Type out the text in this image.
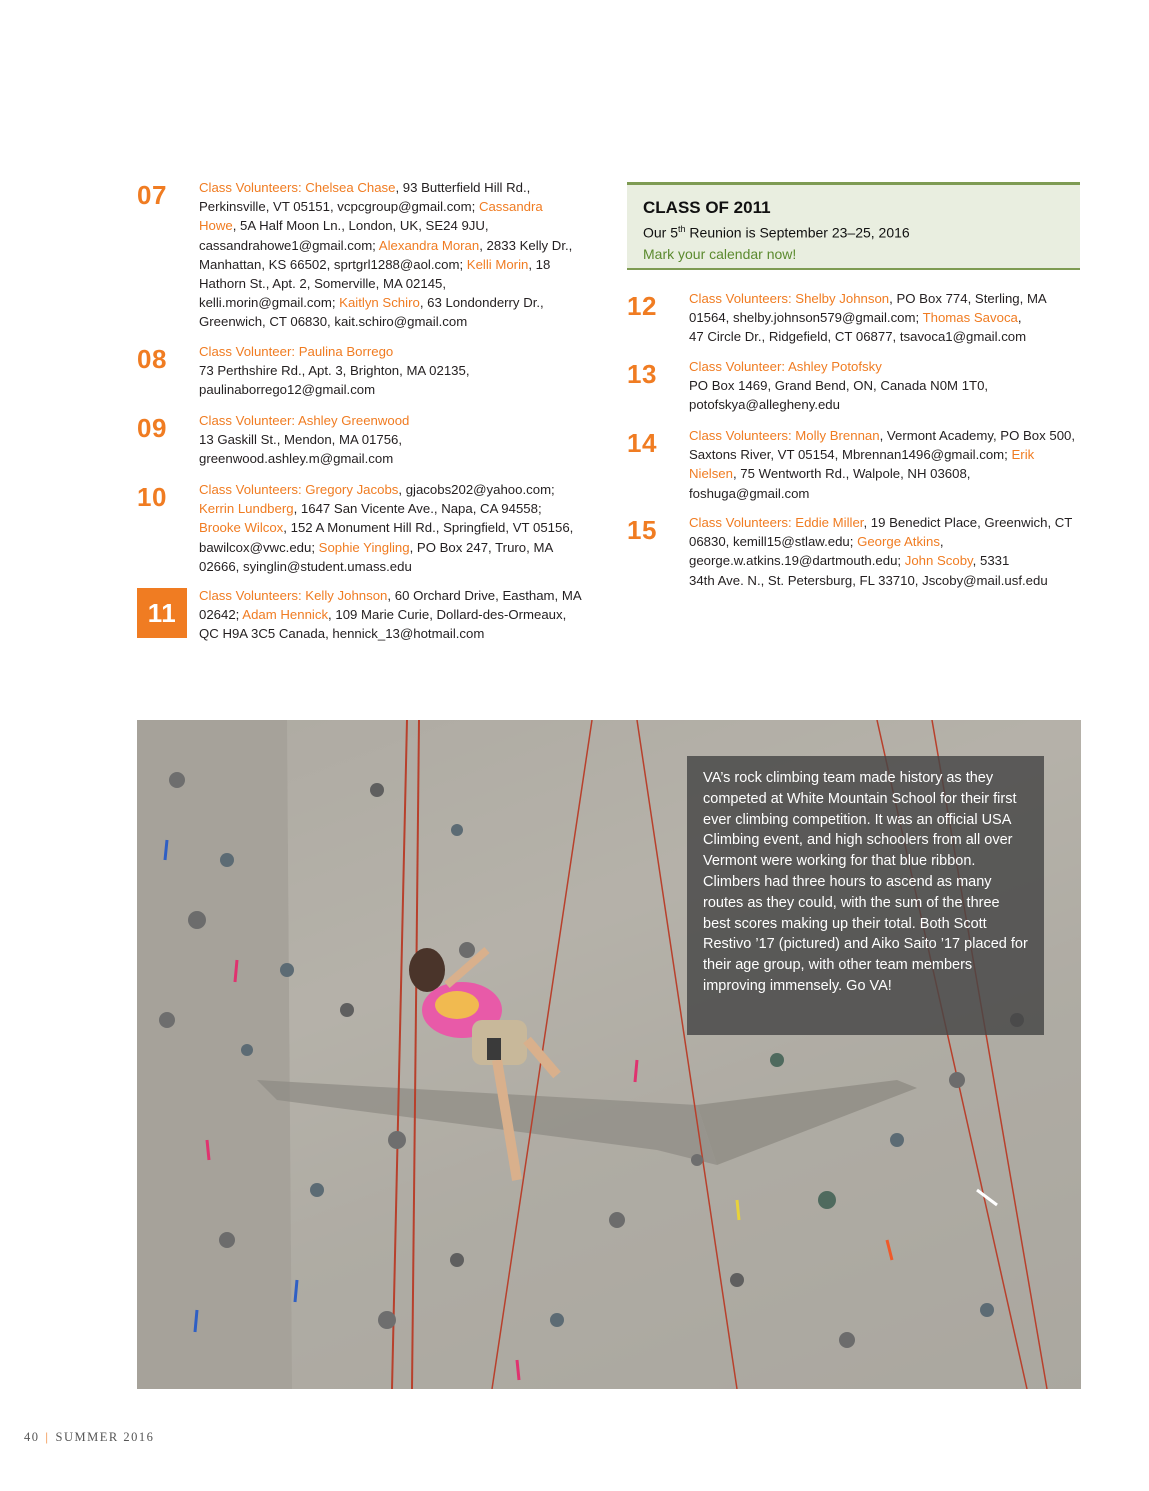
07	Class Volunteers: Chelsea Chase, 93 Butterfield Hill Rd., Perkinsville, VT 05151, vcpcgroup@gmail.com; Cassandra Howe, 5A Half Moon Ln., London, UK, SE24 9JU, cassandrahowe1@gmail.com; Alexandra Moran, 2833 Kelly Dr., Manhattan, KS 66502, sprtgrl1288@aol.com; Kelli Morin, 18 Hathorn St., Apt. 2, Somerville, MA 02145, kelli.morin@gmail.com; Kaitlyn Schiro, 63 Londonderry Dr., Greenwich, CT 06830, kait.schiro@gmail.com
08	Class Volunteer: Paulina Borrego
73 Perthshire Rd., Apt. 3, Brighton, MA 02135, paulinaborrego12@gmail.com
09	Class Volunteer: Ashley Greenwood
13 Gaskill St., Mendon, MA 01756, greenwood.ashley.m@gmail.com
10	Class Volunteers: Gregory Jacobs, gjacobs202@yahoo.com; Kerrin Lundberg, 1647 San Vicente Ave., Napa, CA 94558; Brooke Wilcox, 152 A Monument Hill Rd., Springfield, VT 05156, bawilcox@vwc.edu; Sophie Yingling, PO Box 247, Truro, MA 02666, syinglin@student.umass.edu
11
Class Volunteers: Kelly Johnson, 60 Orchard Drive, Eastham, MA 02642; Adam Hennick, 109 Marie Curie, Dollard-des-Ormeaux, QC H9A 3C5 Canada, hennick_13@hotmail.com
CLASS OF 2011
Our 5th Reunion is September 23–25, 2016
Mark your calendar now!
12	Class Volunteers: Shelby Johnson, PO Box 774, Sterling, MA 01564, shelby.johnson579@gmail.com; Thomas Savoca,
47 Circle Dr., Ridgefield, CT 06877, tsavoca1@gmail.com
13	Class Volunteer: Ashley Potofsky
PO Box 1469, Grand Bend, ON, Canada N0M 1T0, potofskya@allegheny.edu
14	Class Volunteers: Molly Brennan, Vermont Academy, PO Box 500, Saxtons River, VT 05154, Mbrennan1496@gmail.com; Erik Nielsen, 75 Wentworth Rd., Walpole, NH 03608, foshuga@gmail.com
15	Class Volunteers: Eddie Miller, 19 Benedict Place, Greenwich, CT 06830, kemill15@stlaw.edu; George Atkins, george.w.atkins.19@dartmouth.edu; John Scoby, 5331
34th Ave. N., St. Petersburg, FL 33710, Jscoby@mail.usf.edu
VA’s rock climbing team made history as they competed at White Mountain School for their first ever climbing competition. It was an official USA Climbing event, and high schoolers from all over Vermont were working for that blue ribbon. Climbers had three hours to ascend as many routes as they could, with the sum of the three best scores making up their total. Both Scott Restivo ’17 (pictured) and Aiko Saito ’17 placed for their age group, with other team members improving immensely. Go VA!
40 | SUMMER 2016
